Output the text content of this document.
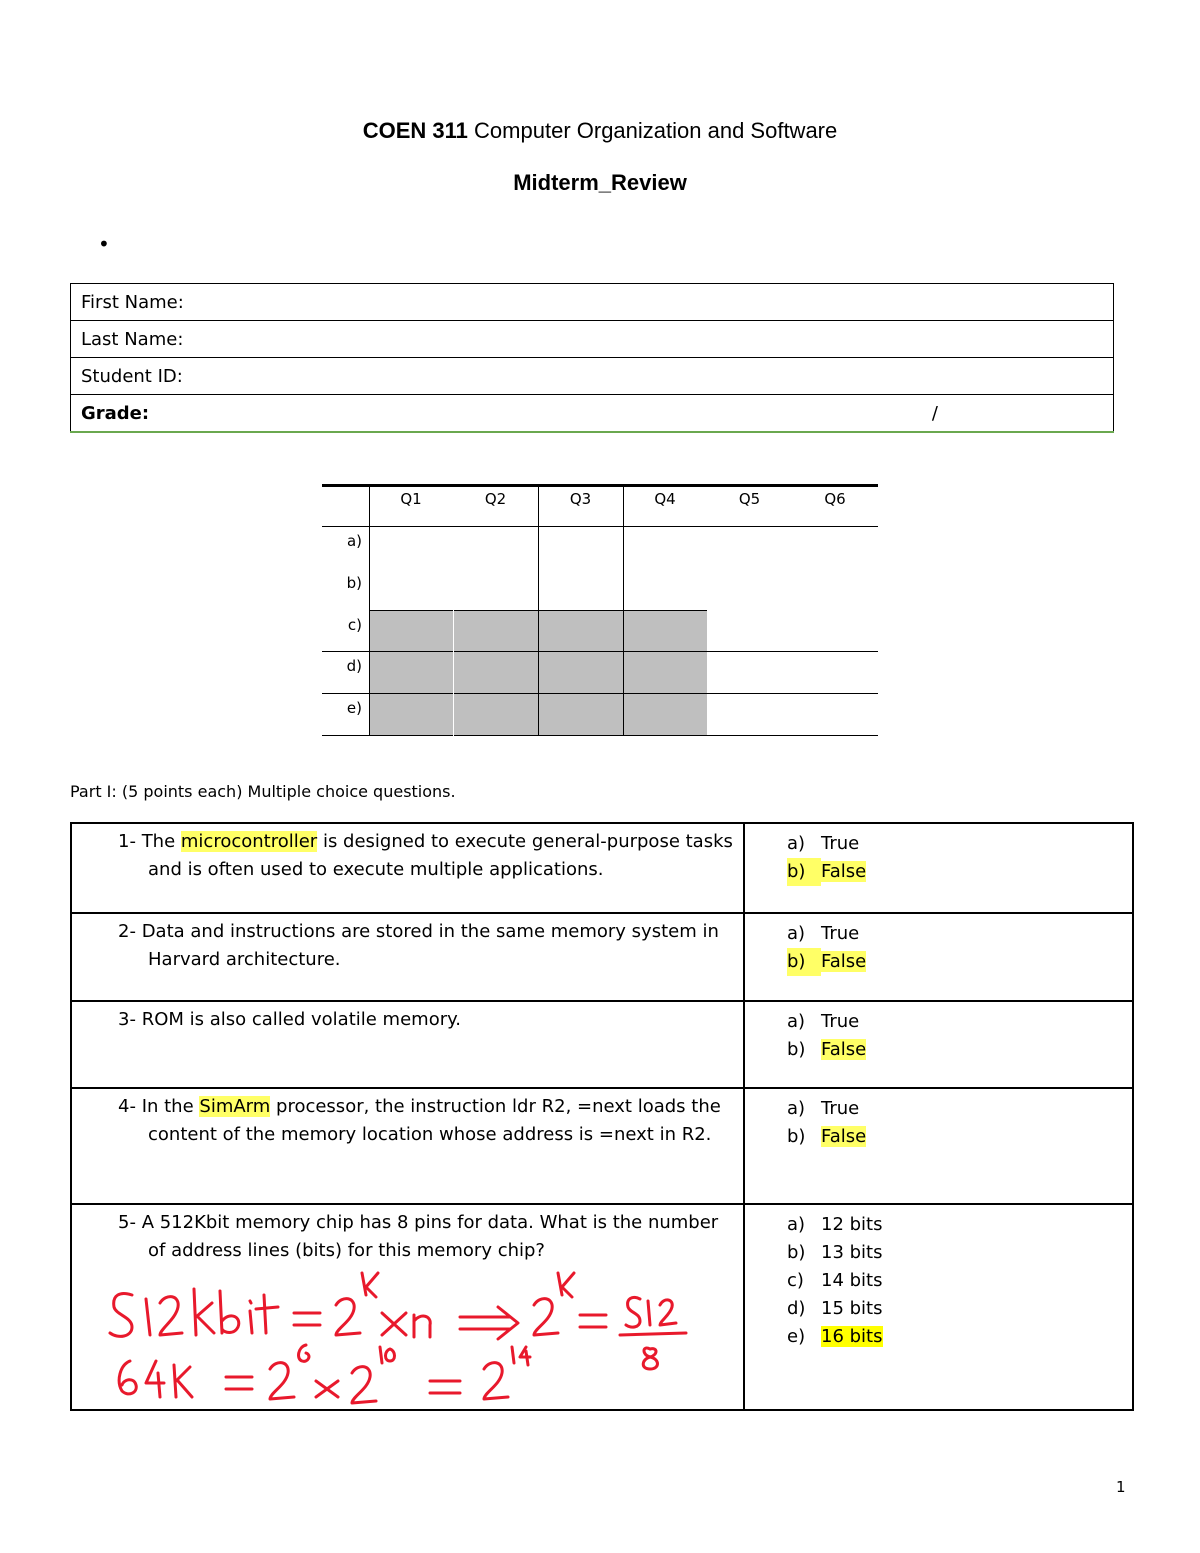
COEN 311 Computer Organization and Software
Midterm_Review
•
First Name:
Last Name:
Student ID:
Grade:	/
Q1	Q2	Q3	Q4	Q5	Q6
a)
b)
c)
d)
e)
Part I: (5 points each) Multiple choice questions.
1- The microcontroller is designed to execute general-purpose tasks and is often used to execute multiple applications.	a) True
b) False

2- Data and instructions are stored in the same memory system in Harvard architecture.	a) True
b) False

3- ROM is also called volatile memory.	a) True
b) False

4- In the SimArm processor, the instruction ldr R2, =next loads the content of the memory location whose address is =next in R2.	a) True
b) False

5- A 512Kbit memory chip has 8 pins for data. What is the number of address lines (bits) for this memory chip?	a) 12 bits
b) 13 bits
c) 14 bits
d) 15 bits
e) 16 bits
1
